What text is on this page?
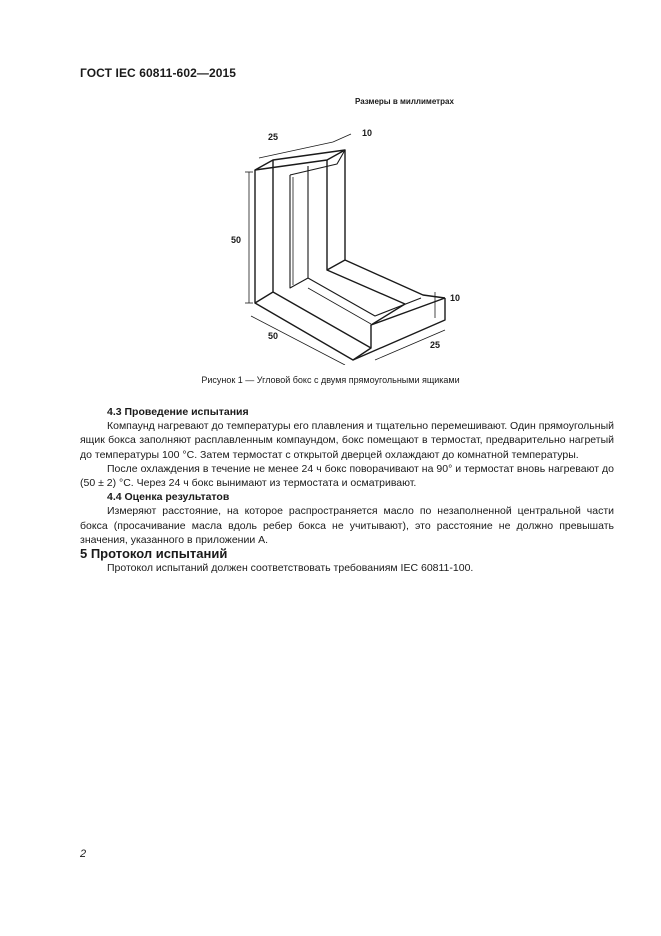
ГОСТ IEC 60811-602—2015
Размеры в миллиметрах
25	10
50
10
50
25
Рисунок 1 — Угловой бокс с двумя прямоугольными ящиками

4.3 Проведение испытания

Компаунд нагревают до температуры его плавления и тщательно перемешивают. Один прямоугольный ящик бокса заполняют расплавленным компаундом, бокс помещают в термостат, предварительно нагретый до температуры 100 °С. Затем термостат с открытой дверцей охлаждают до комнатной температуры.

После охлаждения в течение не менее 24 ч бокс поворачивают на 90° и термостат вновь нагревают до (50 ± 2) °С. Через 24 ч бокс вынимают из термостата и осматривают.

4.4 Оценка результатов

Измеряют расстояние, на которое распространяется масло по незаполненной центральной части бокса (просачивание масла вдоль ребер бокса не учитывают), это расстояние не должно превышать значения, указанного в приложении А.

5 Протокол испытаний

Протокол испытаний должен соответствовать требованиям IEC 60811-100.

2
